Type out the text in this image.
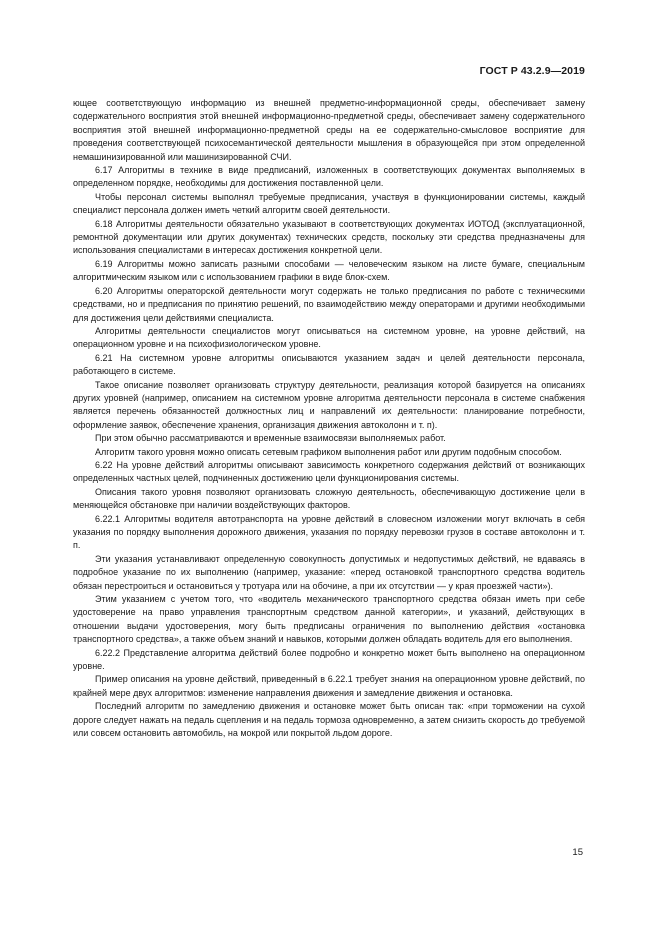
ГОСТ Р 43.2.9—2019

ющее соответствующую информацию из внешней предметно-информационной среды, обеспечивает замену содержательного восприятия этой внешней информационно-предметной среды, обеспечивает замену содержательного восприятия этой внешней информационно-предметной среды на ее содержательно-смысловое восприятие для проведения соответствующей психосемантической деятельности мышления в образующейся при этом определенной немашинизированной или машинизированной СЧИ.

6.17 Алгоритмы в технике в виде предписаний, изложенных в соответствующих документах выполняемых в определенном порядке, необходимы для достижения поставленной цели.

Чтобы персонал системы выполнял требуемые предписания, участвуя в функционировании системы, каждый специалист персонала должен иметь четкий алгоритм своей деятельности.

6.18 Алгоритмы деятельности обязательно указывают в соответствующих документах ИОТОД (эксплуатационной, ремонтной документации или других документах) технических средств, поскольку эти средства предназначены для использования специалистами в интересах достижения конкретной цели.

6.19 Алгоритмы можно записать разными способами — человеческим языком на листе бумаге, специальным алгоритмическим языком или с использованием графики в виде блок-схем.

6.20 Алгоритмы операторской деятельности могут содержать не только предписания по работе с техническими средствами, но и предписания по принятию решений, по взаимодействию между операторами и другими необходимыми для достижения цели действиями специалиста.

Алгоритмы деятельности специалистов могут описываться на системном уровне, на уровне действий, на операционном уровне и на психофизиологическом уровне.

6.21 На системном уровне алгоритмы описываются указанием задач и целей деятельности персонала, работающего в системе.

Такое описание позволяет организовать структуру деятельности, реализация которой базируется на описаниях других уровней (например, описанием на системном уровне алгоритма деятельности персонала в системе снабжения является перечень обязанностей должностных лиц и направлений их деятельности: планирование потребности, оформление заявок, обеспечение хранения, организация движения автоколонн и т. п).

При этом обычно рассматриваются и временные взаимосвязи выполняемых работ.

Алгоритм такого уровня можно описать сетевым графиком выполнения работ или другим подобным способом.

6.22 На уровне действий алгоритмы описывают зависимость конкретного содержания действий от возникающих определенных частных целей, подчиненных достижению цели функционирования системы.

Описания такого уровня позволяют организовать сложную деятельность, обеспечивающую достижение цели в меняющейся обстановке при наличии воздействующих факторов.

6.22.1 Алгоритмы водителя автотранспорта на уровне действий в словесном изложении могут включать в себя указания по порядку выполнения дорожного движения, указания по порядку перевозки грузов в составе автоколонн и т. п.

Эти указания устанавливают определенную совокупность допустимых и недопустимых действий, не вдаваясь в подробное указание по их выполнению (например, указание: «перед остановкой транспортного средства водитель обязан перестроиться и остановиться у тротуара или на обочине, а при их отсутствии — у края проезжей части»).

Этим указанием с учетом того, что «водитель механического транспортного средства обязан иметь при себе удостоверение на право управления транспортным средством данной категории», и указаний, действующих в отношении выдачи удостоверения, могу быть предписаны ограничения по выполнению действия «остановка транспортного средства», а также объем знаний и навыков, которыми должен обладать водитель для его выполнения.

6.22.2 Представление алгоритма действий более подробно и конкретно может быть выполнено на операционном уровне.

Пример описания на уровне действий, приведенный в 6.22.1 требует знания на операционном уровне действий, по крайней мере двух алгоритмов: изменение направления движения и замедление движения и остановка.

Последний алгоритм по замедлению движения и остановке может быть описан так: «при торможении на сухой дороге следует нажать на педаль сцепления и на педаль тормоза одновременно, а затем снизить скорость до требуемой или совсем остановить автомобиль, на мокрой или покрытой льдом дороге.

15
